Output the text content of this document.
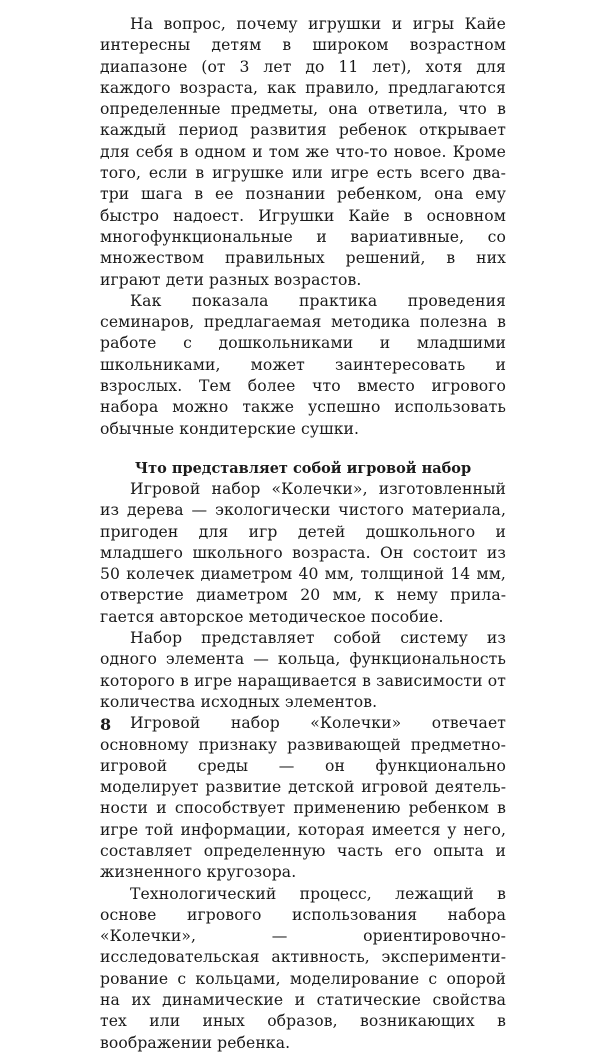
На вопрос, почему игрушки и игры Кайе интересны детям в широком возрастном диапазоне (от 3 лет до 11 лет), хотя для каждого возраста, как правило, предлагаются определенные предметы, она ответила, что в каждый период развития ребенок открывает для себя в одном и том же что-то новое. Кроме того, если в игрушке или игре есть всего два-три шага в ее познании ребенком, она ему быстро надоест. Игрушки Кайе в основном многофункциональные и вариативные, со множеством правильных решений, в них играют дети разных возрастов.

Как показала практика проведения семинаров, предлагаемая методика полезна в работе с дошкольниками и младшими школьниками, может заинтересовать и взрослых. Тем более что вместо игрового набора можно также успешно использовать обычные кондитерские сушки.

Что представляет собой игровой набор

Игровой набор «Колечки», изготовленный из дерева — экологически чистого материала, пригоден для игр детей дошкольного и младшего школьного возраста. Он состоит из 50 колечек диаметром 40 мм, толщиной 14 мм, отверстие диаметром 20 мм, к нему прилагается авторское методическое пособие.

Набор представляет собой систему из одного элемента — кольца, функциональность которого в игре наращивается в зависимости от количества исходных элементов.

Игровой набор «Колечки» отвечает основному признаку развивающей предметно-игровой среды — он функционально моделирует развитие детской игровой деятельности и способствует применению ребенком в игре той информации, которая имеется у него, составляет определенную часть его опыта и жизненного кругозора.

Технологический процесс, лежащий в основе игрового использования набора «Колечки», — ориентировочно-исследовательская активность, экспериментирование с кольцами, моделирование с опорой на их динамические и статические свойства тех или иных образов, возникающих в воображении ребенка.

8
